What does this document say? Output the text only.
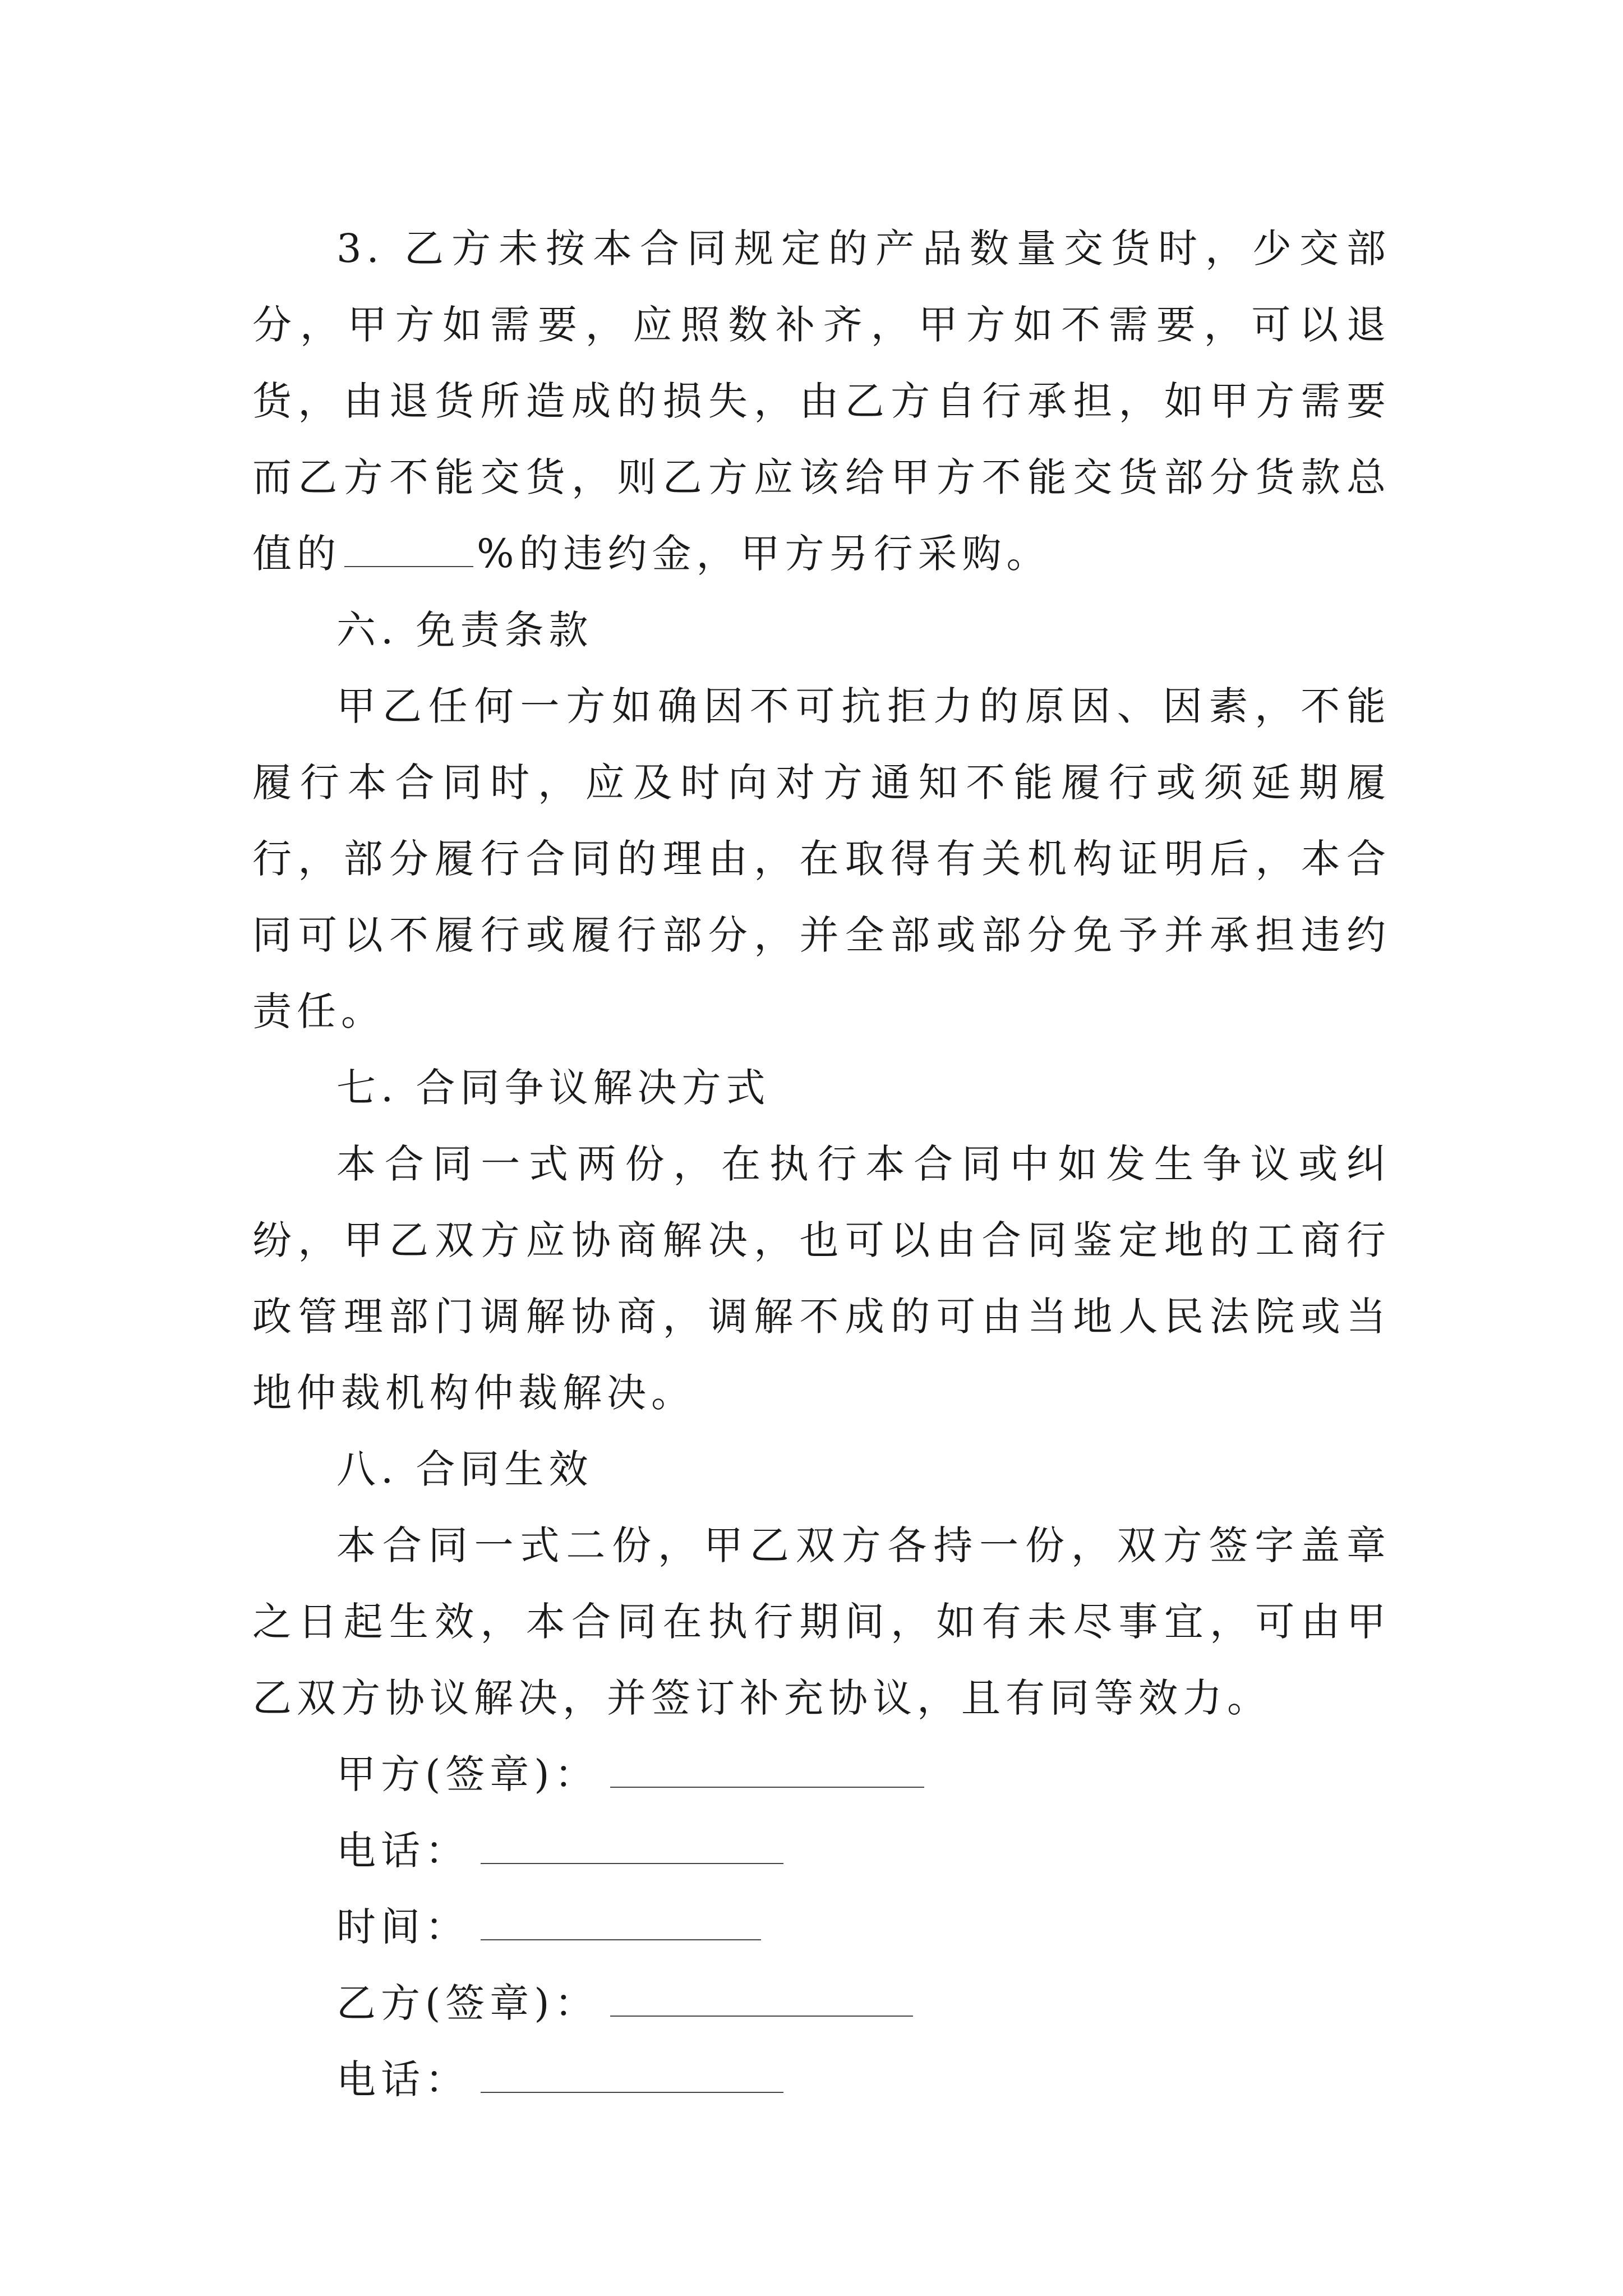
3. 乙方未按本合同规定的产品数量交货时，少交部分，甲方如需要，应照数补齐，甲方如不需要，可以退货，由退货所造成的损失，由乙方自行承担，如甲方需要而乙方不能交货，则乙方应该给甲方不能交货部分货款总值的	%的违约金，甲方另行采购。

六. 免责条款

甲乙任何一方如确因不可抗拒力的原因、因素，不能履行本合同时，应及时向对方通知不能履行或须延期履行，部分履行合同的理由，在取得有关机构证明后，本合同可以不履行或履行部分，并全部或部分免予并承担违约责任。

七. 合同争议解决方式

本合同一式两份，在执行本合同中如发生争议或纠纷，甲乙双方应协商解决，也可以由合同鉴定地的工商行政管理部门调解协商，调解不成的可由当地人民法院或当地仲裁机构仲裁解决。

八. 合同生效

本合同一式二份，甲乙双方各持一份，双方签字盖章之日起生效，本合同在执行期间，如有未尽事宜，可由甲乙双方协议解决，并签订补充协议，且有同等效力。

甲方(签章)：

电话：

时间：

乙方(签章)：

电话：
